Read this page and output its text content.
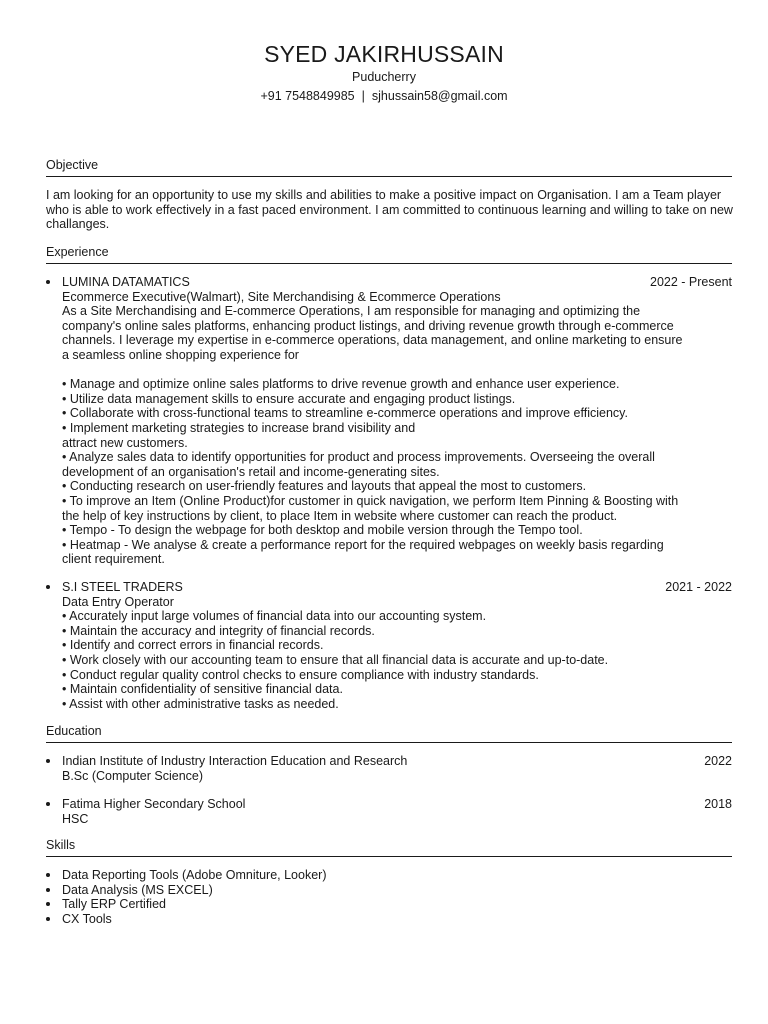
SYED JAKIRHUSSAIN
Puducherry
+91 7548849985 | sjhussain58@gmail.com
Objective
I am looking for an opportunity to use my skills and abilities to make a positive impact on Organisation. I am a Team player who is able to work effectively in a fast paced environment. I am committed to continuous learning and willing to take on new challanges.
Experience
LUMINA DATAMATICS	2022 - Present
Ecommerce Executive(Walmart), Site Merchandising & Ecommerce Operations
As a Site Merchandising and E-commerce Operations, I am responsible for managing and optimizing the
company's online sales platforms, enhancing product listings, and driving revenue growth through e-commerce
channels. I leverage my expertise in e-commerce operations, data management, and online marketing to ensure
a seamless online shopping experience for
• Manage and optimize online sales platforms to drive revenue growth and enhance user experience.
• Utilize data management skills to ensure accurate and engaging product listings.
• Collaborate with cross-functional teams to streamline e-commerce operations and improve efficiency.
• Implement marketing strategies to increase brand visibility and
attract new customers.
• Analyze sales data to identify opportunities for product and process improvements. Overseeing the overall
development of an organisation's retail and income-generating sites.
• Conducting research on user-friendly features and layouts that appeal the most to customers.
• To improve an Item (Online Product)for customer in quick navigation, we perform Item Pinning & Boosting with
the help of key instructions by client, to place Item in website where customer can reach the product.
• Tempo - To design the webpage for both desktop and mobile version through the Tempo tool.
• Heatmap - We analyse & create a performance report for the required webpages on weekly basis regarding
client requirement.
S.I STEEL TRADERS	2021 - 2022
Data Entry Operator
• Accurately input large volumes of financial data into our accounting system.
• Maintain the accuracy and integrity of financial records.
• Identify and correct errors in financial records.
• Work closely with our accounting team to ensure that all financial data is accurate and up-to-date.
• Conduct regular quality control checks to ensure compliance with industry standards.
• Maintain confidentiality of sensitive financial data.
• Assist with other administrative tasks as needed.
Education
Indian Institute of Industry Interaction Education and Research	2022
B.Sc (Computer Science)
Fatima Higher Secondary School	2018
HSC
Skills
Data Reporting Tools (Adobe Omniture, Looker)
Data Analysis (MS EXCEL)
Tally ERP Certified
CX Tools
